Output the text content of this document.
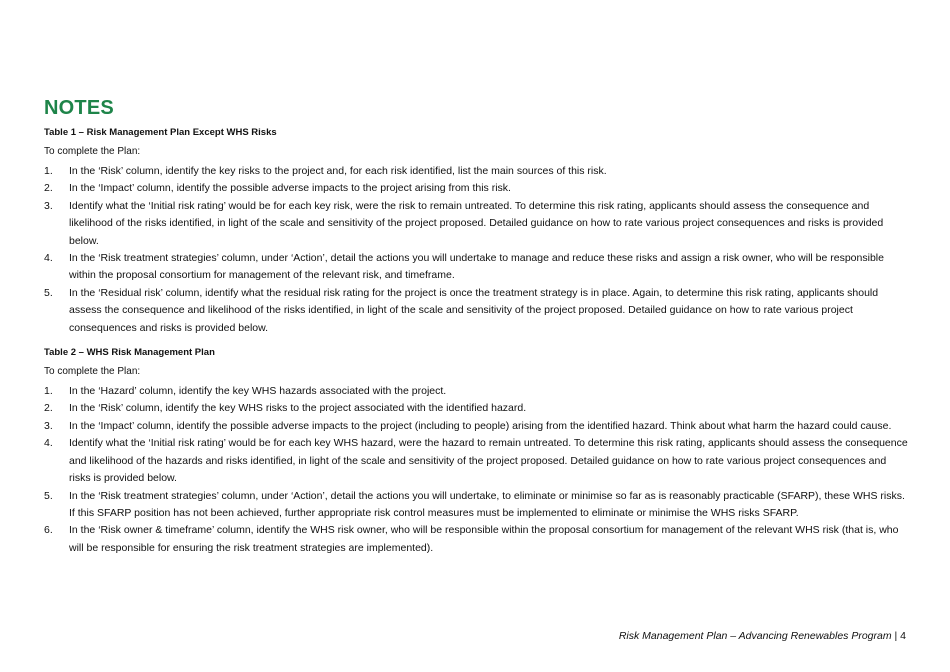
NOTES
Table 1 – Risk Management Plan Except WHS Risks
To complete the Plan:
1. In the ‘Risk’ column, identify the key risks to the project and, for each risk identified, list the main sources of this risk.
2. In the ‘Impact’ column, identify the possible adverse impacts to the project arising from this risk.
3. Identify what the ‘Initial risk rating’ would be for each key risk, were the risk to remain untreated. To determine this risk rating, applicants should assess the consequence and likelihood of the risks identified, in light of the scale and sensitivity of the project proposed. Detailed guidance on how to rate various project consequences and risks is provided below.
4. In the ‘Risk treatment strategies’ column, under ‘Action’, detail the actions you will undertake to manage and reduce these risks and assign a risk owner, who will be responsible within the proposal consortium for management of the relevant risk, and timeframe.
5. In the ‘Residual risk’ column, identify what the residual risk rating for the project is once the treatment strategy is in place. Again, to determine this risk rating, applicants should assess the consequence and likelihood of the risks identified, in light of the scale and sensitivity of the project proposed. Detailed guidance on how to rate various project consequences and risks is provided below.
Table 2 – WHS Risk Management Plan
To complete the Plan:
1. In the ‘Hazard’ column, identify the key WHS hazards associated with the project.
2. In the ‘Risk’ column, identify the key WHS risks to the project associated with the identified hazard.
3. In the ‘Impact’ column, identify the possible adverse impacts to the project (including to people) arising from the identified hazard. Think about what harm the hazard could cause.
4. Identify what the ‘Initial risk rating’ would be for each key WHS hazard, were the hazard to remain untreated. To determine this risk rating, applicants should assess the consequence and likelihood of the hazards and risks identified, in light of the scale and sensitivity of the project proposed. Detailed guidance on how to rate various project consequences and risks is provided below.
5. In the ‘Risk treatment strategies’ column, under ‘Action’, detail the actions you will undertake, to eliminate or minimise so far as is reasonably practicable (SFARP), these WHS risks. If this SFARP position has not been achieved, further appropriate risk control measures must be implemented to eliminate or minimise the WHS risks SFARP.
6. In the ‘Risk owner & timeframe’ column, identify the WHS risk owner, who will be responsible within the proposal consortium for management of the relevant WHS risk (that is, who will be responsible for ensuring the risk treatment strategies are implemented).
Risk Management Plan – Advancing Renewables Program | 4
